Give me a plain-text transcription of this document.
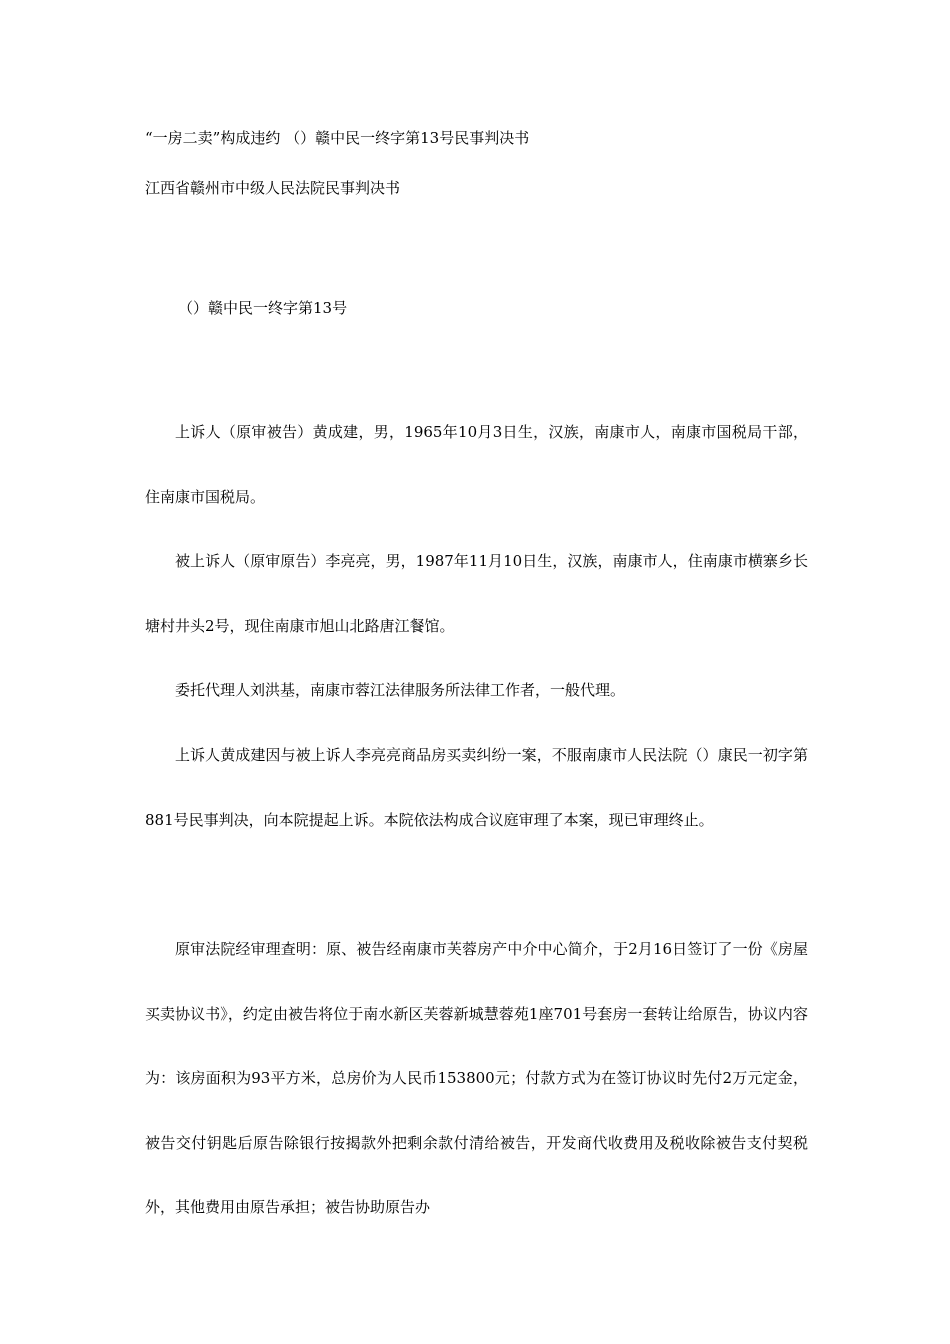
“一房二卖”构成违约 （）赣中民一终字第13号民事判决书
江西省赣州市中级人民法院民事判决书
（）赣中民一终字第13号

上诉人（原审被告）黄成建，男，1965年10月3日生，汉族，南康市人，南康市国税局干部，住南康市国税局。

被上诉人（原审原告）李亮亮，男，1987年11月10日生，汉族，南康市人，住南康市横寨乡长塘村井头2号，现住南康市旭山北路唐江餐馆。

委托代理人刘洪基，南康市蓉江法律服务所法律工作者，一般代理。

上诉人黄成建因与被上诉人李亮亮商品房买卖纠纷一案，不服南康市人民法院（）康民一初字第881号民事判决，向本院提起上诉。本院依法构成合议庭审理了本案，现已审理终止。

原审法院经审理查明：原、被告经南康市芙蓉房产中介中心简介，于2月16日签订了一份《房屋买卖协议书》，约定由被告将位于南水新区芙蓉新城慧蓉苑1座701号套房一套转让给原告，协议内容为：该房面积为93平方米，总房价为人民币153800元；付款方式为在签订协议时先付2万元定金，被告交付钥匙后原告除银行按揭款外把剩余款付清给被告，开发商代收费用及税收除被告支付契税外，其他费用由原告承担；被告协助原告办
